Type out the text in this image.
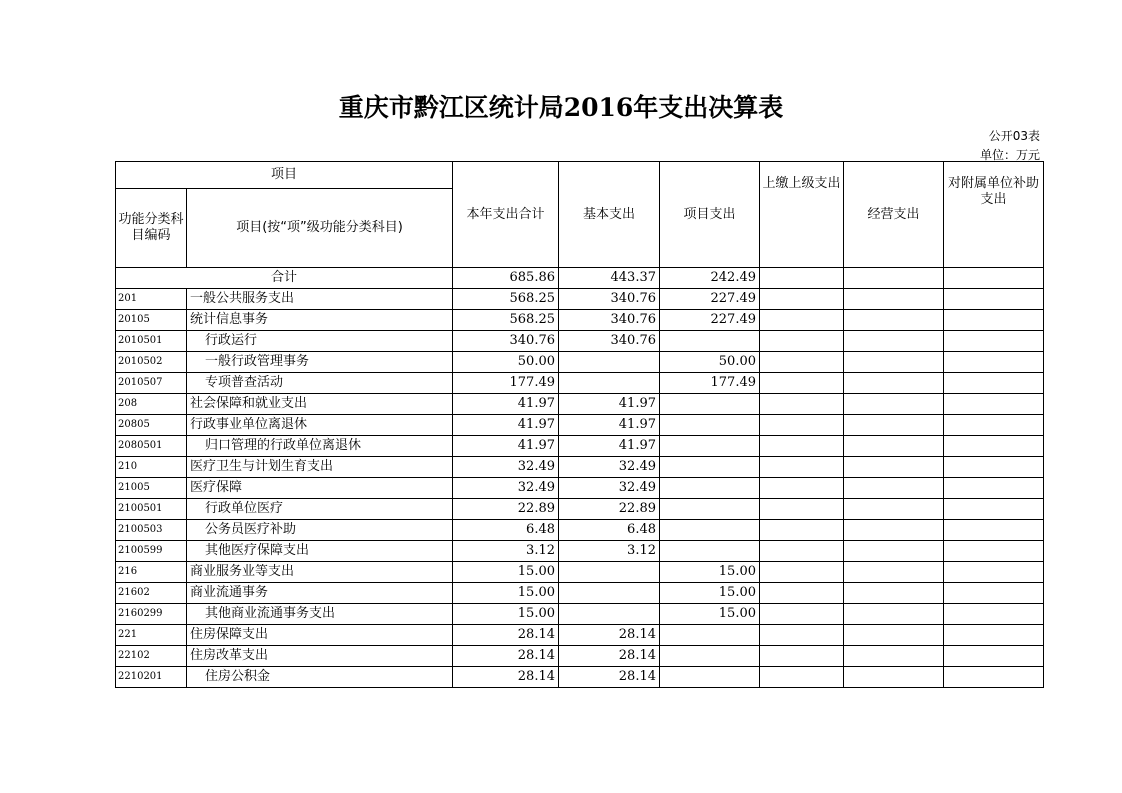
重庆市黔江区统计局2016年支出决算表
公开03表
单位：万元
项目		本年支出合计	基本支出	项目支出	上缴上级支出	经营支出	对附属单位补助支出
功能分类科目编码	项目(按“项”级功能分类科目)						
合计		685.86	443.37	242.49			
201	一般公共服务支出	568.25	340.76	227.49			
20105	统计信息事务	568.25	340.76	227.49			
2010501	行政运行	340.76	340.76				
2010502	一般行政管理事务	50.00		50.00			
2010507	专项普查活动	177.49		177.49			
208	社会保障和就业支出	41.97	41.97				
20805	行政事业单位离退休	41.97	41.97				
2080501	归口管理的行政单位离退休	41.97	41.97				
210	医疗卫生与计划生育支出	32.49	32.49				
21005	医疗保障	32.49	32.49				
2100501	行政单位医疗	22.89	22.89				
2100503	公务员医疗补助	6.48	6.48				
2100599	其他医疗保障支出	3.12	3.12				
216	商业服务业等支出	15.00		15.00			
21602	商业流通事务	15.00		15.00			
2160299	其他商业流通事务支出	15.00		15.00			
221	住房保障支出	28.14	28.14				
22102	住房改革支出	28.14	28.14				
2210201	住房公积金	28.14	28.14				
